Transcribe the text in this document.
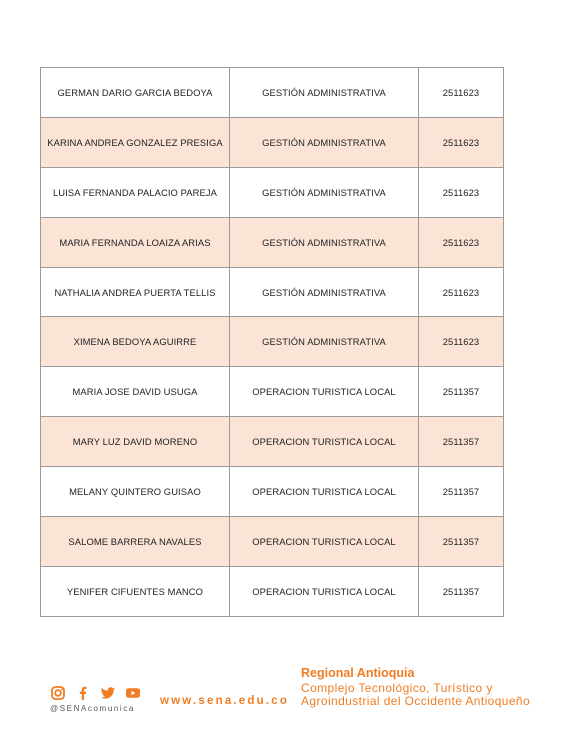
GERMAN DARIO GARCIA BEDOYA	GESTIÓN ADMINISTRATIVA	2511623
KARINA ANDREA GONZALEZ PRESIGA	GESTIÓN ADMINISTRATIVA	2511623
LUISA FERNANDA PALACIO PAREJA	GESTIÓN ADMINISTRATIVA	2511623
MARIA FERNANDA LOAIZA ARIAS	GESTIÓN ADMINISTRATIVA	2511623
NATHALIA ANDREA PUERTA TELLIS	GESTIÓN ADMINISTRATIVA	2511623
XIMENA BEDOYA AGUIRRE	GESTIÓN ADMINISTRATIVA	2511623
MARIA JOSE DAVID USUGA	OPERACION TURISTICA LOCAL	2511357
MARY LUZ DAVID MORENO	OPERACION TURISTICA LOCAL	2511357
MELANY QUINTERO GUISAO	OPERACION TURISTICA LOCAL	2511357
SALOME BARRERA NAVALES	OPERACION TURISTICA LOCAL	2511357
YENIFER CIFUENTES MANCO	OPERACION TURISTICA LOCAL	2511357
@SENAcomunica
www.sena.edu.co
Regional Antioquia
Complejo Tecnológico, Turístico y
Agroindustrial del Occidente Antioqueño
